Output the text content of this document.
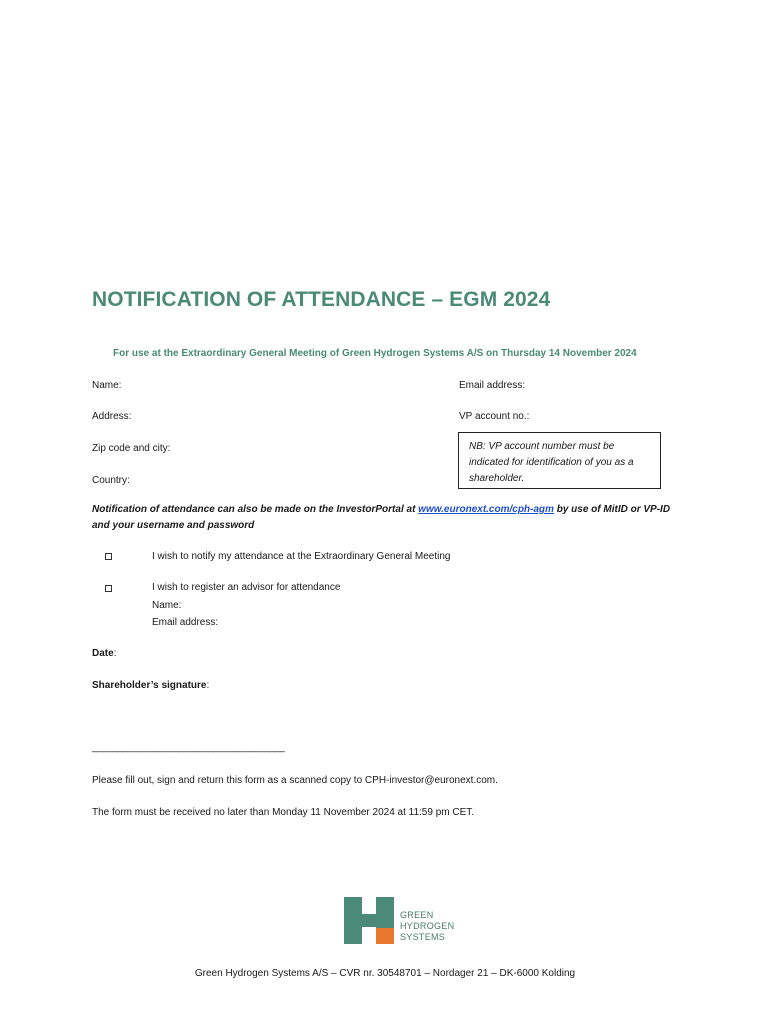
NOTIFICATION OF ATTENDANCE – EGM 2024
For use at the Extraordinary General Meeting of Green Hydrogen Systems A/S on Thursday 14 November 2024
Name:
Address:
Zip code and city:
Country:
Email address:
VP account no.:
NB: VP account number must be indicated for identification of you as a shareholder.
Notification of attendance can also be made on the InvestorPortal at www.euronext.com/cph-agm by use of MitID or VP-ID and your username and password
I wish to notify my attendance at the Extraordinary General Meeting
I wish to register an advisor for attendance
Name:
Email address:
Date:
Shareholder’s signature:
______________________________________
Please fill out, sign and return this form as a scanned copy to CPH-investor@euronext.com.
The form must be received no later than Monday 11 November 2024 at 11:59 pm CET.
GREEN
HYDROGEN
SYSTEMS
Green Hydrogen Systems A/S – CVR nr. 30548701 – Nordager 21 – DK-6000 Kolding
